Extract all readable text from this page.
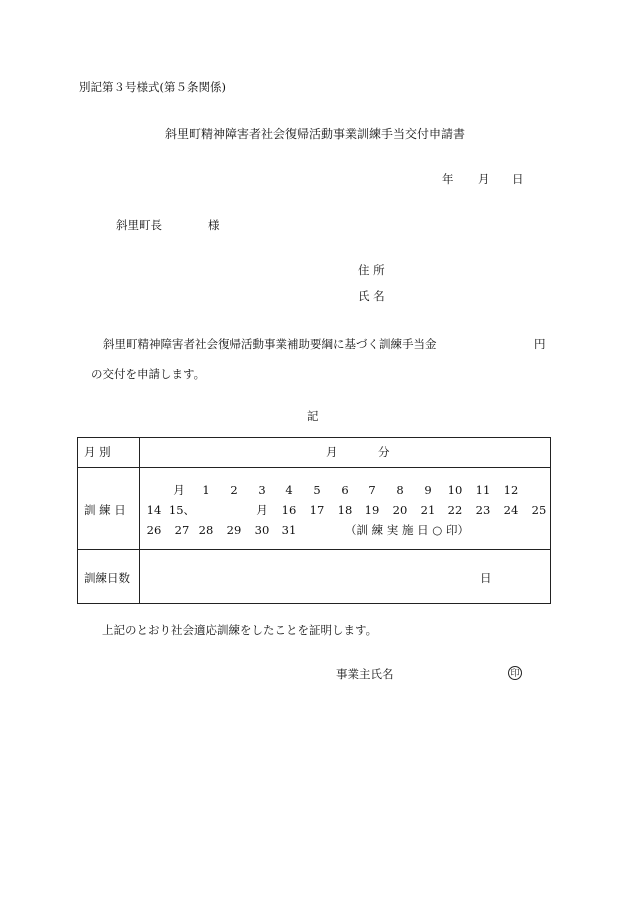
別記第３号様式(第５条関係)
斜里町精神障害者社会復帰活動事業訓練手当交付申請書
年 月 日
斜里町長	様
住 所
氏 名
斜里町精神障害者社会復帰活動事業補助要綱に基づく訓練手当金	円
の交付を申請します。
記
月 別	月	分
訓 練 日
月	1	2	3	4	5	6	7	8	9	10	11	12
14 15、	月	16	17	18	19	20	21	22	23	24	25
26	27 28	29	30	31	（訓 練 実 施 日 ○ 印）
訓練日数	日
上記のとおり社会適応訓練をしたことを証明します。
事業主氏名	印
